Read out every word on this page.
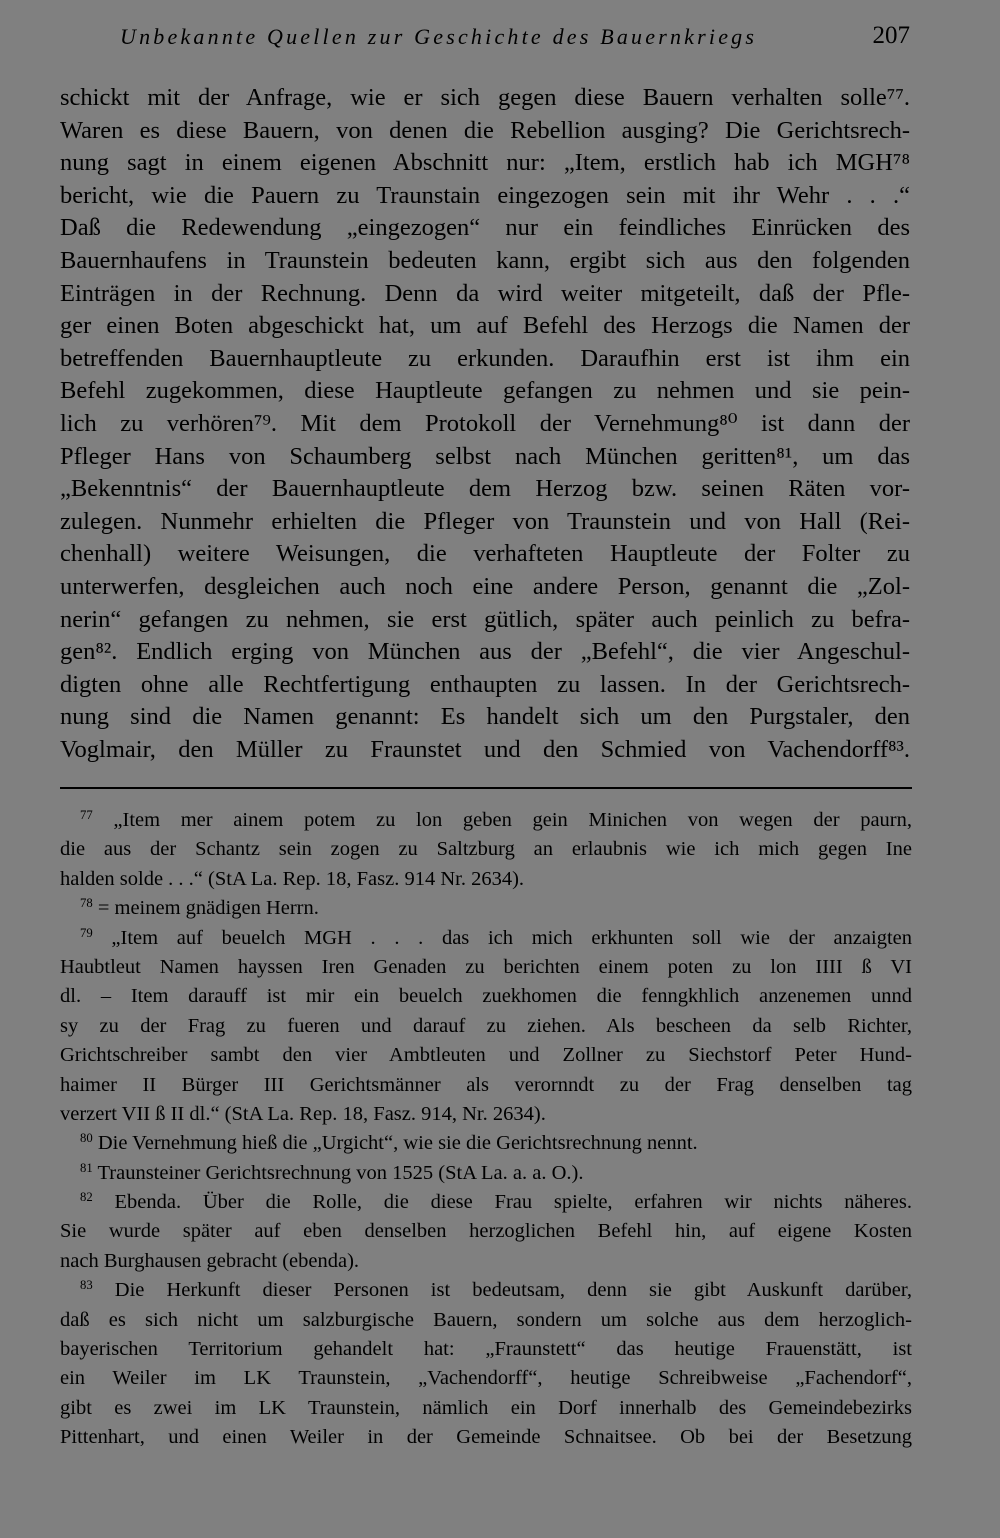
Unbekannte Quellen zur Geschichte des Bauernkriegs	207
schickt mit der Anfrage, wie er sich gegen diese Bauern verhalten solle⁷⁷.
Waren es diese Bauern, von denen die Rebellion ausging? Die Gerichtsrech-
nung sagt in einem eigenen Abschnitt nur: „Item, erstlich hab ich MGH⁷⁸
bericht, wie die Pauern zu Traunstain eingezogen sein mit ihr Wehr . . .“
Daß die Redewendung „eingezogen“ nur ein feindliches Einrücken des
Bauernhaufens in Traunstein bedeuten kann, ergibt sich aus den folgenden
Einträgen in der Rechnung. Denn da wird weiter mitgeteilt, daß der Pfle-
ger einen Boten abgeschickt hat, um auf Befehl des Herzogs die Namen der
betreffenden Bauernhauptleute zu erkunden. Daraufhin erst ist ihm ein
Befehl zugekommen, diese Hauptleute gefangen zu nehmen und sie pein-
lich zu verhören⁷⁹. Mit dem Protokoll der Vernehmung⁸⁰ ist dann der
Pfleger Hans von Schaumberg selbst nach München geritten⁸¹, um das
„Bekenntnis“ der Bauernhauptleute dem Herzog bzw. seinen Räten vor-
zulegen. Nunmehr erhielten die Pfleger von Traunstein und von Hall (Rei-
chenhall) weitere Weisungen, die verhafteten Hauptleute der Folter zu
unterwerfen, desgleichen auch noch eine andere Person, genannt die „Zol-
nerin“ gefangen zu nehmen, sie erst gütlich, später auch peinlich zu befra-
gen⁸². Endlich erging von München aus der „Befehl“, die vier Angeschul-
digten ohne alle Rechtfertigung enthaupten zu lassen. In der Gerichtsrech-
nung sind die Namen genannt: Es handelt sich um den Purgstaler, den
Voglmair, den Müller zu Fraunstet und den Schmied von Vachendorff⁸³.
$^{77}$ „Item mer ainem potem zu lon geben gein Minichen von wegen der paurn,
die aus der Schantz sein zogen zu Saltzburg an erlaubnis wie ich mich gegen Ine
halden solde . . .“ (StA La. Rep. 18, Fasz. 914 Nr. 2634).
$^{78}$ = meinem gnädigen Herrn.
$^{79}$ „Item auf beuelch MGH . . . das ich mich erkhunten soll wie der anzaigten
Haubtleut Namen hayssen Iren Genaden zu berichten einem poten zu lon IIII ß VI
dl. – Item darauff ist mir ein beuelch zuekhomen die fenngkhlich anzenemen unnd
sy zu der Frag zu fueren und darauf zu ziehen. Als bescheen da selb Richter,
Grichtschreiber sambt den vier Ambtleuten und Zollner zu Siechstorf Peter Hund-
haimer II Bürger III Gerichtsmänner als verornndt zu der Frag denselben tag
verzert VII ß II dl.“ (StA La. Rep. 18, Fasz. 914, Nr. 2634).
$^{80}$ Die Vernehmung hieß die „Urgicht“, wie sie die Gerichtsrechnung nennt.
$^{81}$ Traunsteiner Gerichtsrechnung von 1525 (StA La. a. a. O.).
$^{82}$ Ebenda. Über die Rolle, die diese Frau spielte, erfahren wir nichts näheres.
Sie wurde später auf eben denselben herzoglichen Befehl hin, auf eigene Kosten
nach Burghausen gebracht (ebenda).
$^{83}$ Die Herkunft dieser Personen ist bedeutsam, denn sie gibt Auskunft darüber,
daß es sich nicht um salzburgische Bauern, sondern um solche aus dem herzoglich-
bayerischen Territorium gehandelt hat: „Fraunstett“ das heutige Frauenstätt, ist
ein Weiler im LK Traunstein, „Vachendorff“, heutige Schreibweise „Fachendorf“,
gibt es zwei im LK Traunstein, nämlich ein Dorf innerhalb des Gemeindebezirks
Pittenhart, und einen Weiler in der Gemeinde Schnaitsee. Ob bei der Besetzung
